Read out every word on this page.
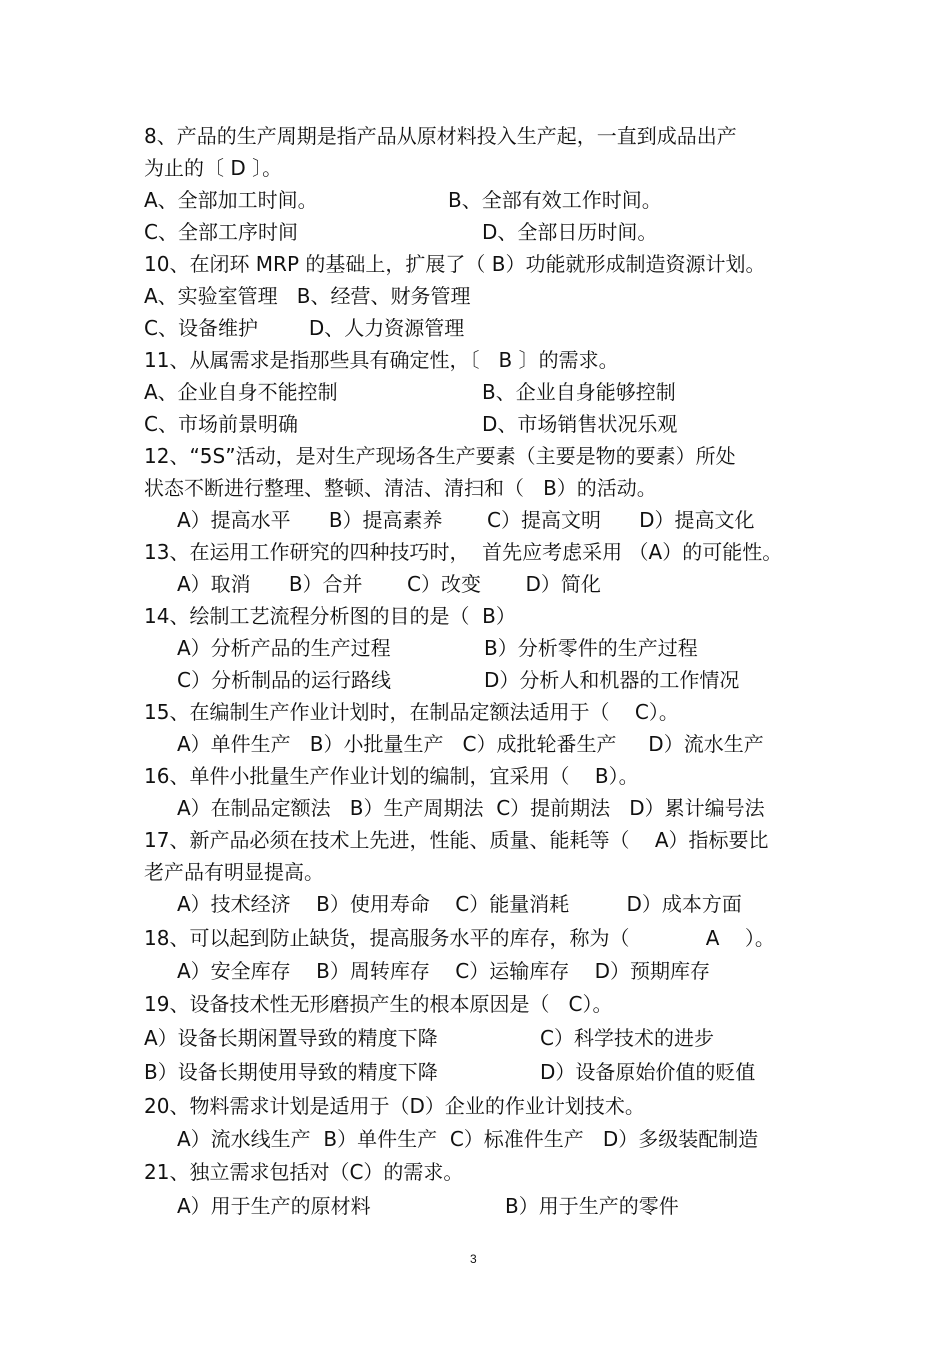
8、产品的生产周期是指产品从原材料投入生产起，一直到成品出产
为止的〔 D 〕。
A、全部加工时间。	B、全部有效工作时间。
C、全部工序时间	D、全部日历时间。
10、在闭环 MRP 的基础上，扩展了（ B）功能就形成制造资源计划。
A、实验室管理   B、经营、财务管理
C、设备维护        D、人力资源管理
11、从属需求是指那些具有确定性，〔   B 〕的需求。
A、企业自身不能控制	B、企业自身能够控制
C、市场前景明确	D、市场销售状况乐观
12、“5S”活动，是对生产现场各生产要素（主要是物的要素）所处
状态不断进行整理、整顿、清洁、清扫和（   B）的活动。
A）提高水平      B）提高素养       C）提高文明      D）提高文化
13、在运用工作研究的四种技巧时，  首先应考虑采用 （A）的可能性。
A）取消      B）合并       C）改变       D）简化
14、绘制工艺流程分析图的目的是（  B）
A）分析产品的生产过程	B）分析零件的生产过程
C）分析制品的运行路线	D）分析人和机器的工作情况
15、在编制生产作业计划时，在制品定额法适用于（    C）。
A）单件生产   B）小批量生产   C）成批轮番生产     D）流水生产
16、单件小批量生产作业计划的编制，宜采用（    B）。
A）在制品定额法   B）生产周期法  C）提前期法   D）累计编号法
17、新产品必须在技术上先进，性能、质量、能耗等（    A）指标要比
老产品有明显提高。
A）技术经济    B）使用寿命    C）能量消耗         D）成本方面
18、可以起到防止缺货，提高服务水平的库存，称为（            A    ）。
A）安全库存    B）周转库存    C）运输库存    D）预期库存
19、设备技术性无形磨损产生的根本原因是（   C）。
A）设备长期闲置导致的精度下降	C）科学技术的进步
B）设备长期使用导致的精度下降	D）设备原始价值的贬值
20、物料需求计划是适用于（D）企业的作业计划技术。
A）流水线生产  B）单件生产  C）标准件生产   D）多级装配制造
21、独立需求包括对（C）的需求。
A）用于生产的原材料	B）用于生产的零件
3
